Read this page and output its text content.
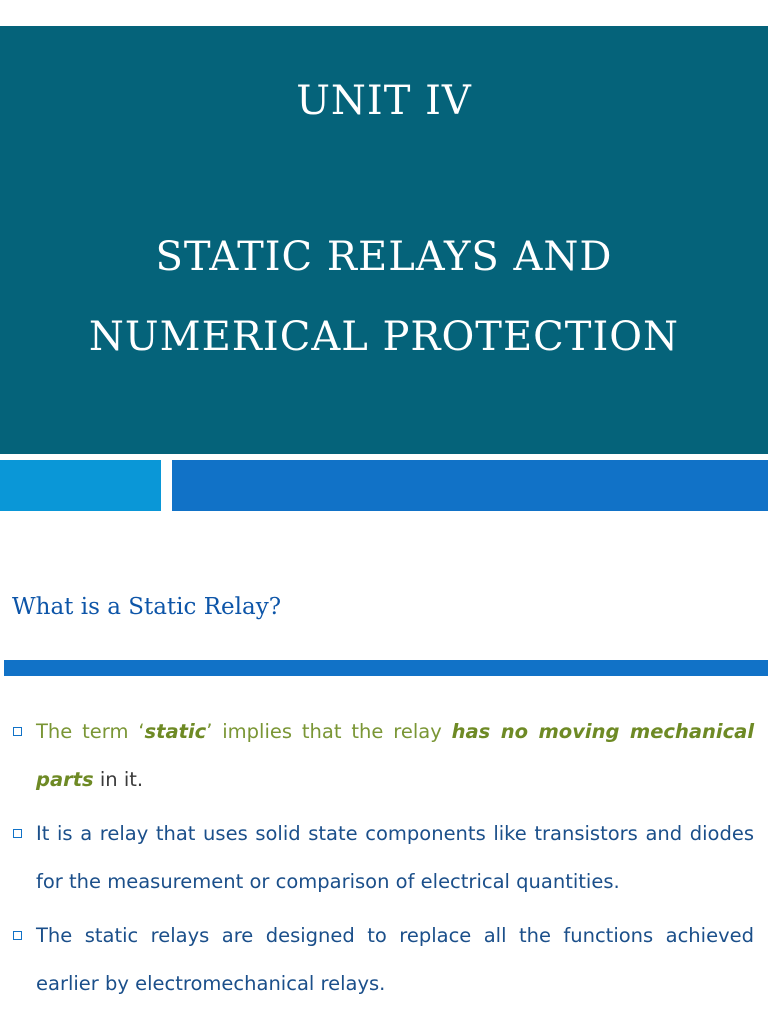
UNIT IV
STATIC RELAYS AND
NUMERICAL PROTECTION
What is a Static Relay?
The term ‘static’ implies that the relay has no moving mechanical parts in it.
It is a relay that uses solid state components like transistors and diodes for the measurement or comparison of electrical quantities.
The static relays are designed to replace all the functions achieved earlier by electromechanical relays.
